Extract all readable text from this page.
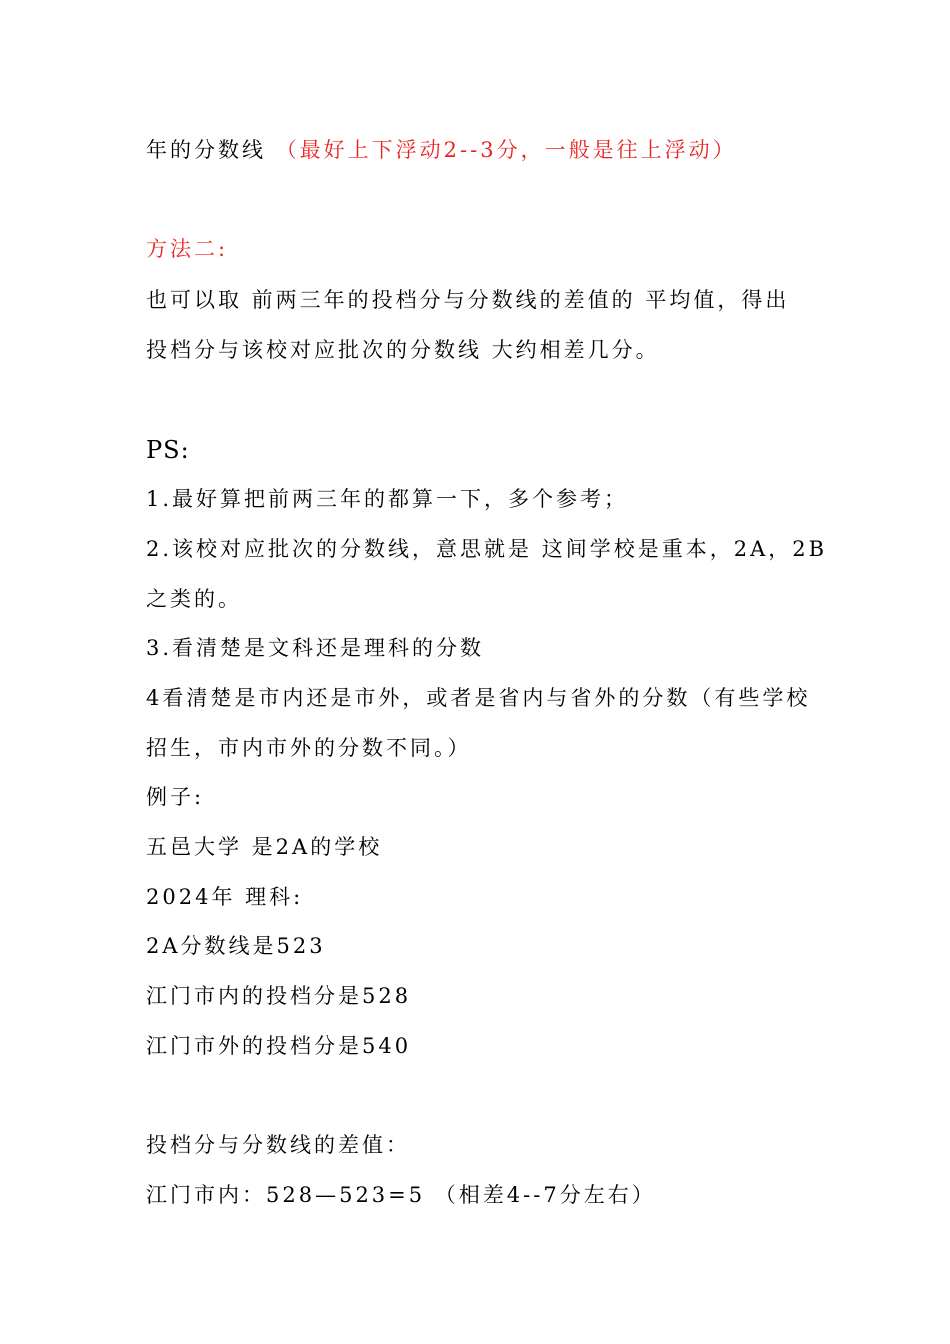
年的分数线 （最好上下浮动2--3分，一般是往上浮动）

方法二:

也可以取 前两三年的投档分与分数线的差值的 平均值，得出

投档分与该校对应批次的分数线 大约相差几分。

PS:

1.最好算把前两三年的都算一下，多个参考；

2.该校对应批次的分数线，意思就是 这间学校是重本，2A，2B

之类的。

3.看清楚是文科还是理科的分数

4看清楚是市内还是市外，或者是省内与省外的分数（有些学校

招生，市内市外的分数不同。）

例子:

五邑大学 是2A的学校

2024年 理科:

2A分数线是523

江门市内的投档分是528

江门市外的投档分是540

投档分与分数线的差值：

江门市内：528—523=5 （相差4--7分左右）
